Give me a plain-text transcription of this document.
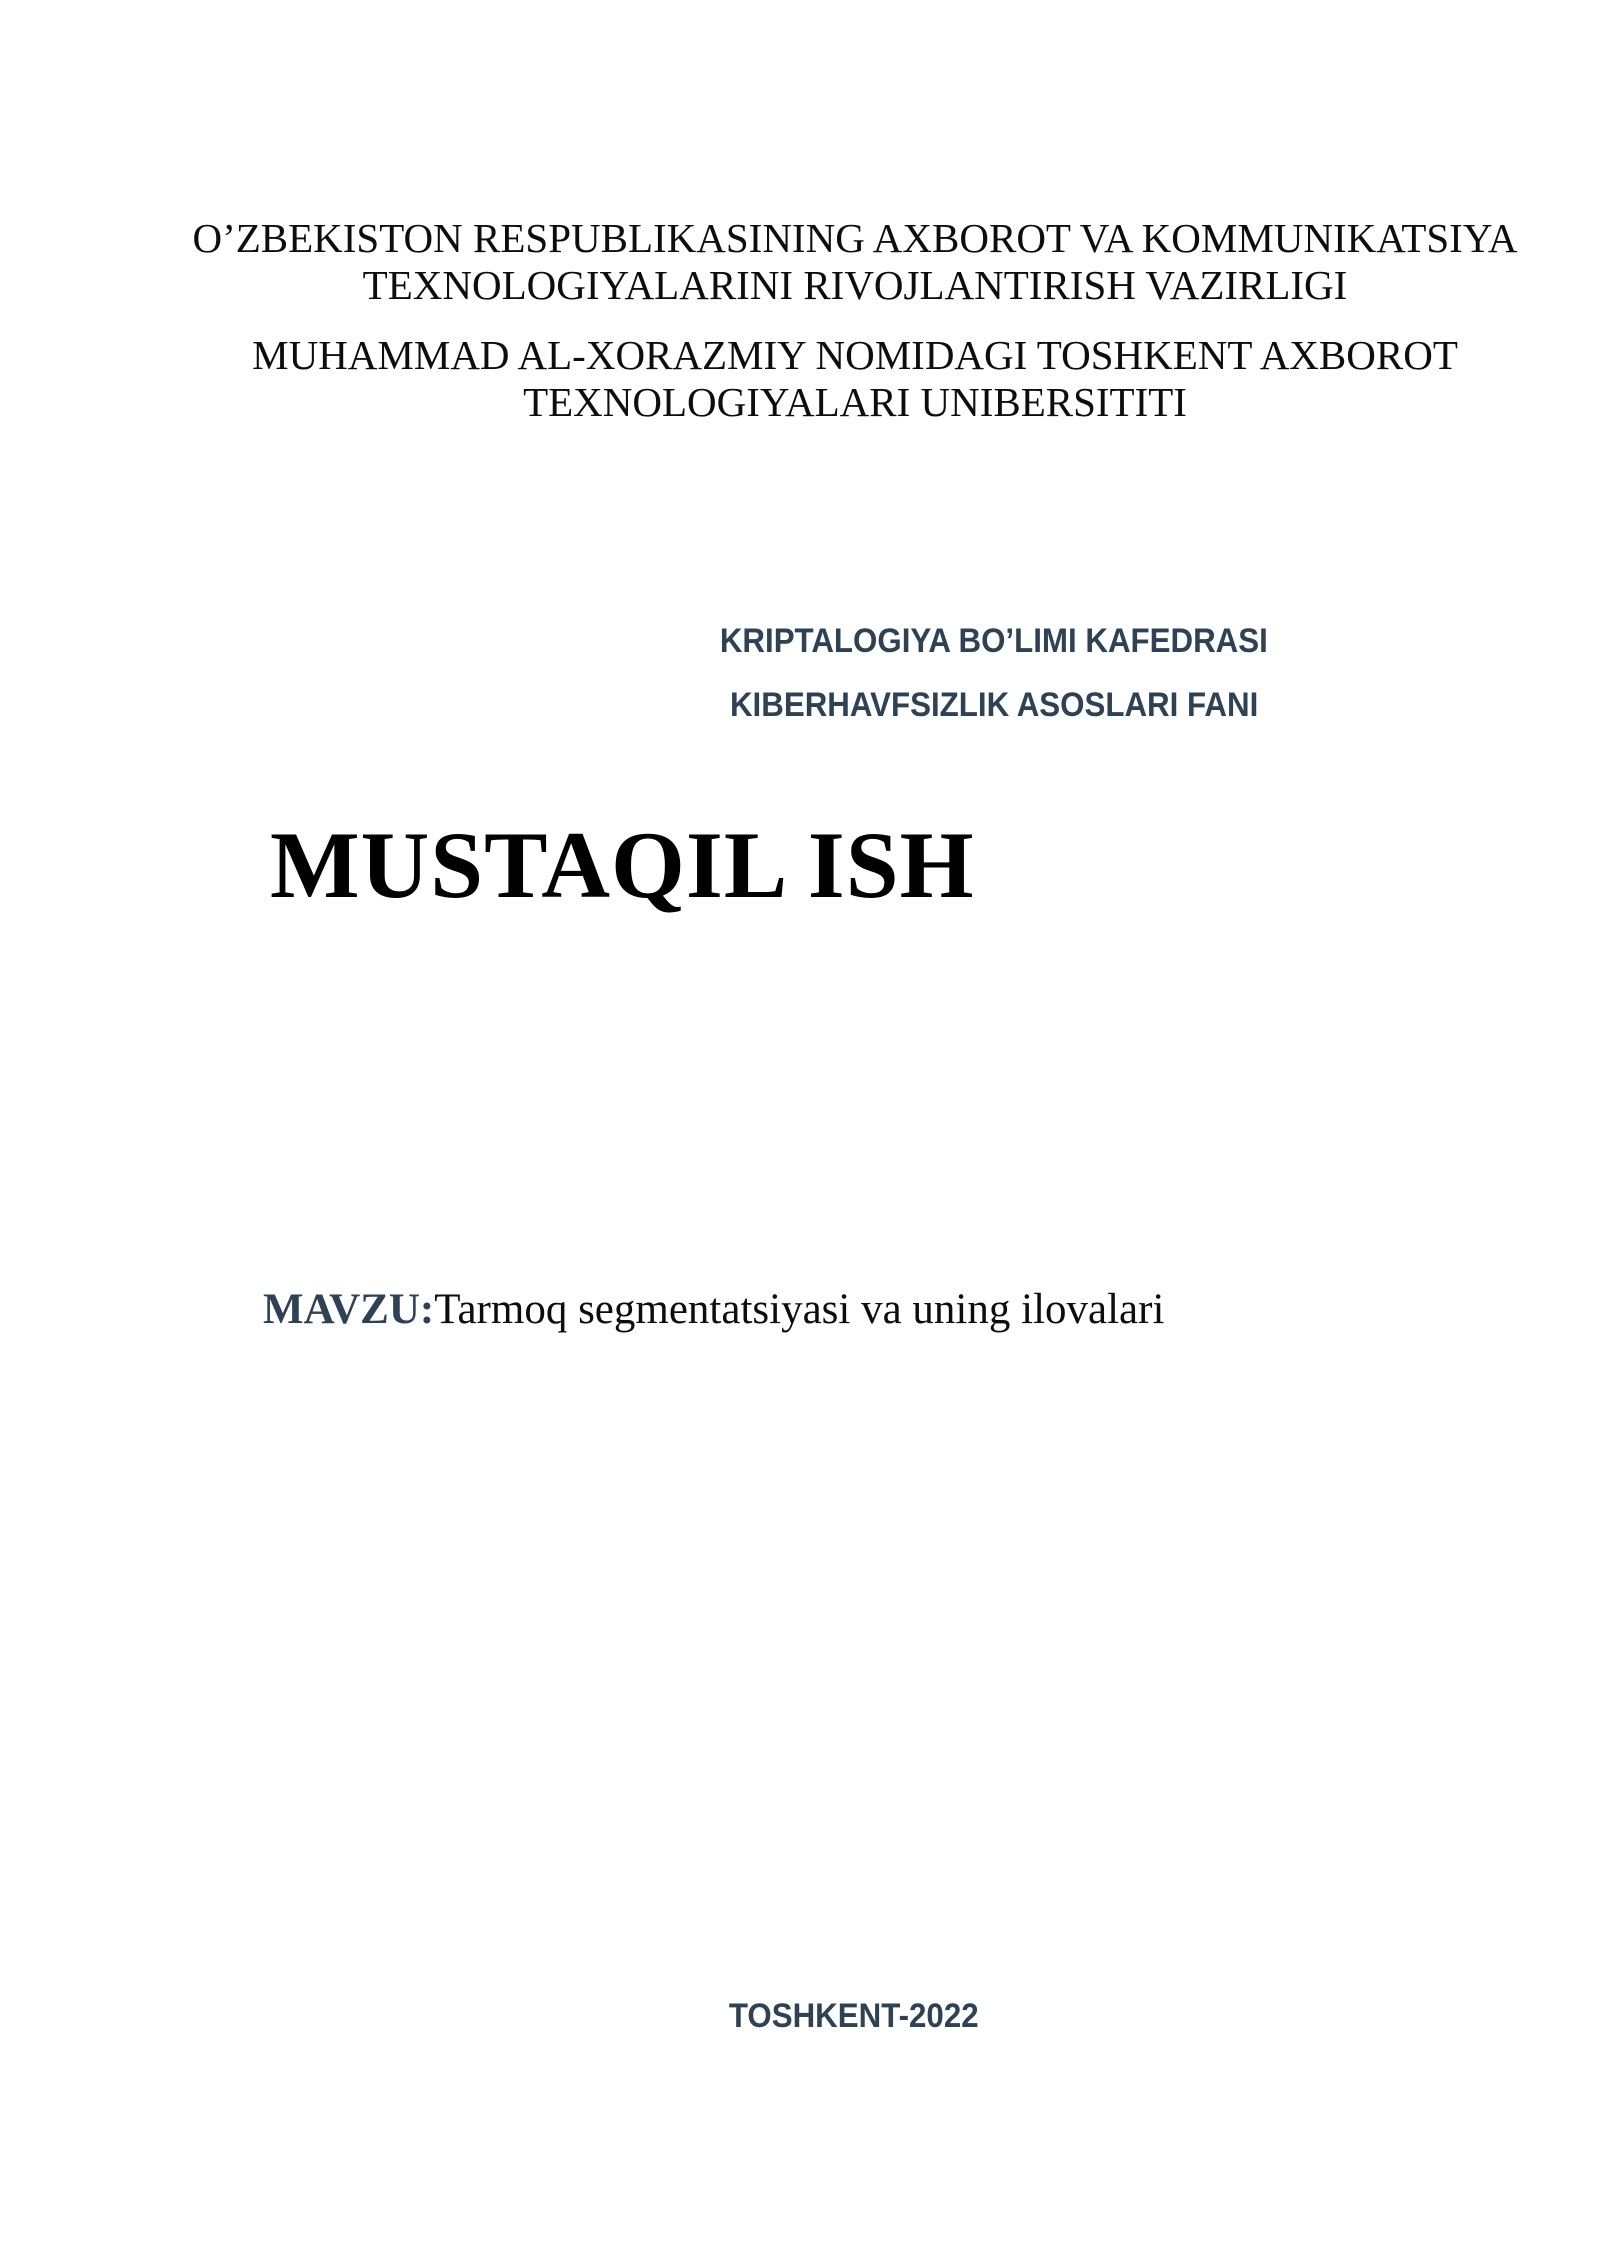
O’ZBEKISTON RESPUBLIKASINING AXBOROT VA KOMMUNIKATSIYA
TEXNOLOGIYALARINI RIVOJLANTIRISH VAZIRLIGI
MUHAMMAD AL-XORAZMIY NOMIDAGI TOSHKENT AXBOROT
TEXNOLOGIYALARI UNIBERSITITI
KRIPTALOGIYA BO’LIMI KAFEDRASI
KIBERHAVFSIZLIK ASOSLARI FANI
MUSTAQIL ISH
MAVZU:Tarmoq segmentatsiyasi va uning ilovalari
TOSHKENT-2022
